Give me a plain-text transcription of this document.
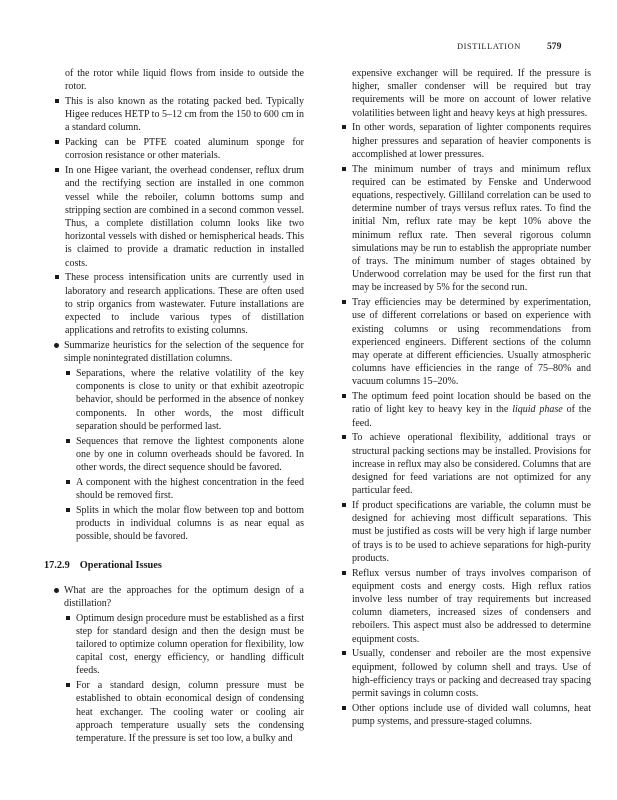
DISTILLATION	579

of the rotor while liquid flows from inside to outside the rotor.

This is also known as the rotating packed bed. Typically Higee reduces HETP to 5–12 cm from the 150 to 600 cm in a standard column.
Packing can be PTFE coated aluminum sponge for corrosion resistance or other materials.
In one Higee variant, the overhead condenser, reflux drum and the rectifying section are installed in one common vessel while the reboiler, column bottoms sump and stripping section are combined in a second common vessel. Thus, a complete distillation column looks like two horizontal vessels with dished or hemispherical heads. This is claimed to provide a dramatic reduction in installed costs.
These process intensification units are currently used in laboratory and research applications. These are often used to strip organics from wastewater. Future installations are expected to include various types of distillation applications and retrofits to existing columns.
Summarize heuristics for the selection of the sequence for simple nonintegrated distillation columns.
Separations, where the relative volatility of the key components is close to unity or that exhibit azeotropic behavior, should be performed in the absence of nonkey components. In other words, the most difficult separation should be performed last.
Sequences that remove the lightest components alone one by one in column overheads should be favored. In other words, the direct sequence should be favored.
A component with the highest concentration in the feed should be removed first.
Splits in which the molar flow between top and bottom products in individual columns is as near equal as possible, should be favored.
17.2.9 Operational Issues
What are the approaches for the optimum design of a distillation?
Optimum design procedure must be established as a first step for standard design and then the design must be tailored to optimize column operation for flexibility, low capital cost, energy efficiency, or handling difficult feeds.
For a standard design, column pressure must be established to obtain economical design of condensing heat exchanger. The cooling water or cooling air approach temperature usually sets the condensing temperature. If the pressure is set too low, a bulky and

expensive exchanger will be required. If the pressure is higher, smaller condenser will be required but tray requirements will be more on account of lower relative volatilities between light and heavy keys at high pressures.

In other words, separation of lighter components requires higher pressures and separation of heavier components is accomplished at lower pressures.
The minimum number of trays and minimum reflux required can be estimated by Fenske and Underwood equations, respectively. Gilliland correlation can be used to determine number of trays versus reflux rates. To find the initial Nm, reflux rate may be kept 10% above the minimum reflux rate. Then several rigorous column simulations may be run to establish the appropriate number of trays. The minimum number of stages obtained by Underwood correlation may be used for the first run that may be increased by 5% for the second run.
Tray efficiencies may be determined by experimentation, use of different correlations or based on experience with existing columns or using recommendations from experienced engineers. Different sections of the column may operate at different efficiencies. Usually atmospheric columns have efficiencies in the range of 75–80% and vacuum columns 15–20%.
The optimum feed point location should be based on the ratio of light key to heavy key in the liquid phase of the feed.
To achieve operational flexibility, additional trays or structural packing sections may be installed. Provisions for increase in reflux may also be considered. Columns that are designed for feed variations are not optimized for any particular feed.
If product specifications are variable, the column must be designed for achieving most difficult separations. This must be justified as costs will be very high if large number of trays is to be used to achieve separations for high-purity products.
Reflux versus number of trays involves comparison of equipment costs and energy costs. High reflux ratios involve less number of tray requirements but increased column diameters, increased sizes of condensers and reboilers. This aspect must also be addressed to determine equipment costs.
Usually, condenser and reboiler are the most expensive equipment, followed by column shell and trays. Use of high-efficiency trays or packing and decreased tray spacing permit savings in column costs.
Other options include use of divided wall columns, heat pump systems, and pressure-staged columns.
